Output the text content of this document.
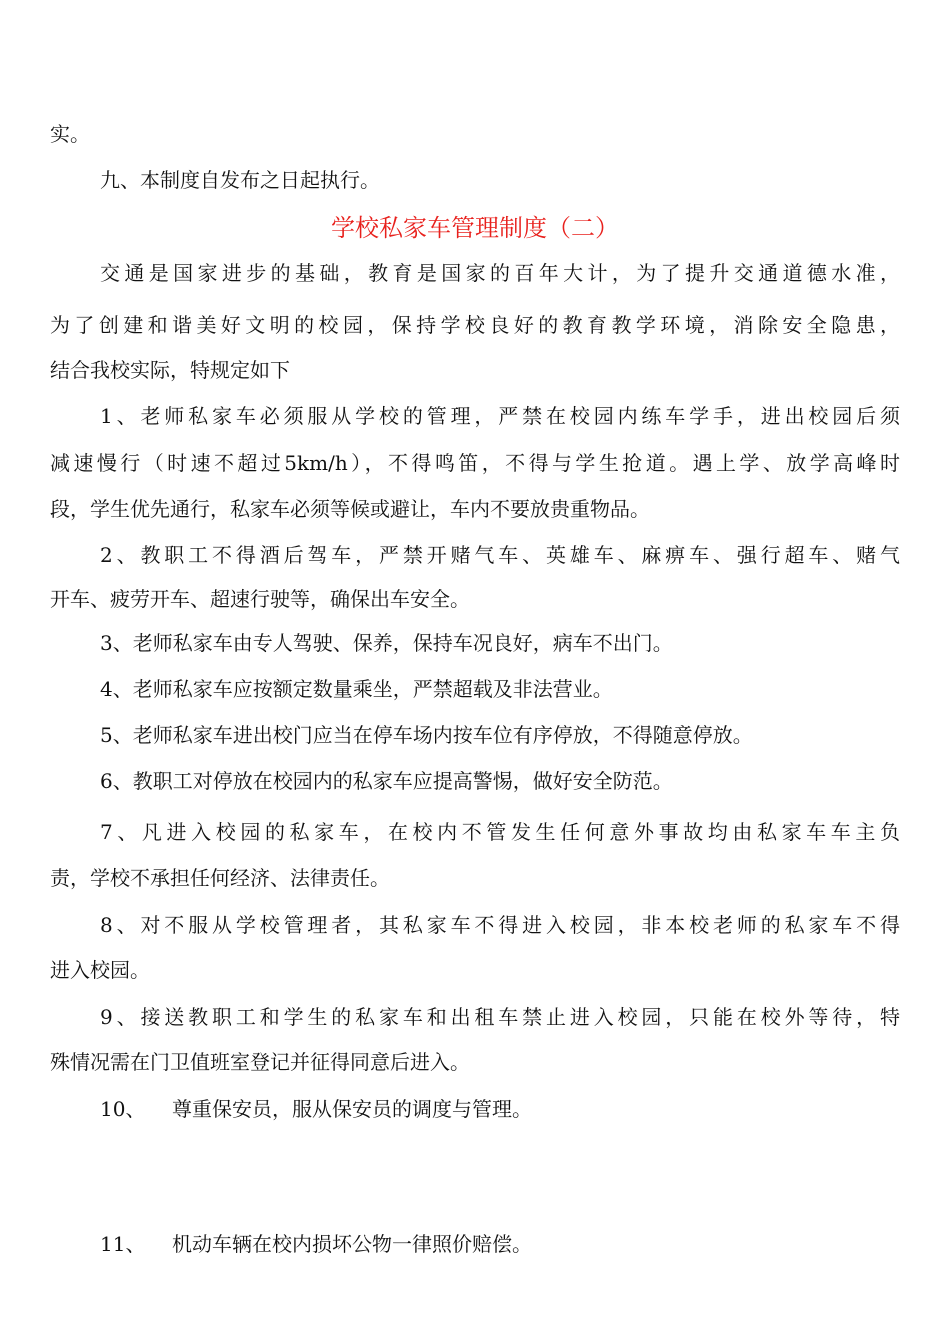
实。
九、本制度自发布之日起执行。
学校私家车管理制度（二）
交通是国家进步的基础，教育是国家的百年大计，为了提升交通道德水准，
为了创建和谐美好文明的校园，保持学校良好的教育教学环境，消除安全隐患，
结合我校实际，特规定如下
1、老师私家车必须服从学校的管理，严禁在校园内练车学手，进出校园后须
减速慢行（时速不超过5km/h），不得鸣笛，不得与学生抢道。遇上学、放学高峰时
段，学生优先通行，私家车必须等候或避让，车内不要放贵重物品。
2、教职工不得酒后驾车，严禁开赌气车、英雄车、麻痹车、强行超车、赌气
开车、疲劳开车、超速行驶等，确保出车安全。
3、老师私家车由专人驾驶、保养，保持车况良好，病车不出门。
4、老师私家车应按额定数量乘坐，严禁超载及非法营业。
5、老师私家车进出校门应当在停车场内按车位有序停放，不得随意停放。
6、教职工对停放在校园内的私家车应提高警惕，做好安全防范。
7、凡进入校园的私家车，在校内不管发生任何意外事故均由私家车车主负
责，学校不承担任何经济、法律责任。
8、对不服从学校管理者，其私家车不得进入校园，非本校老师的私家车不得
进入校园。
9、接送教职工和学生的私家车和出租车禁止进入校园，只能在校外等待，特
殊情况需在门卫值班室登记并征得同意后进入。
10、 尊重保安员，服从保安员的调度与管理。
11、 机动车辆在校内损坏公物一律照价赔偿。
